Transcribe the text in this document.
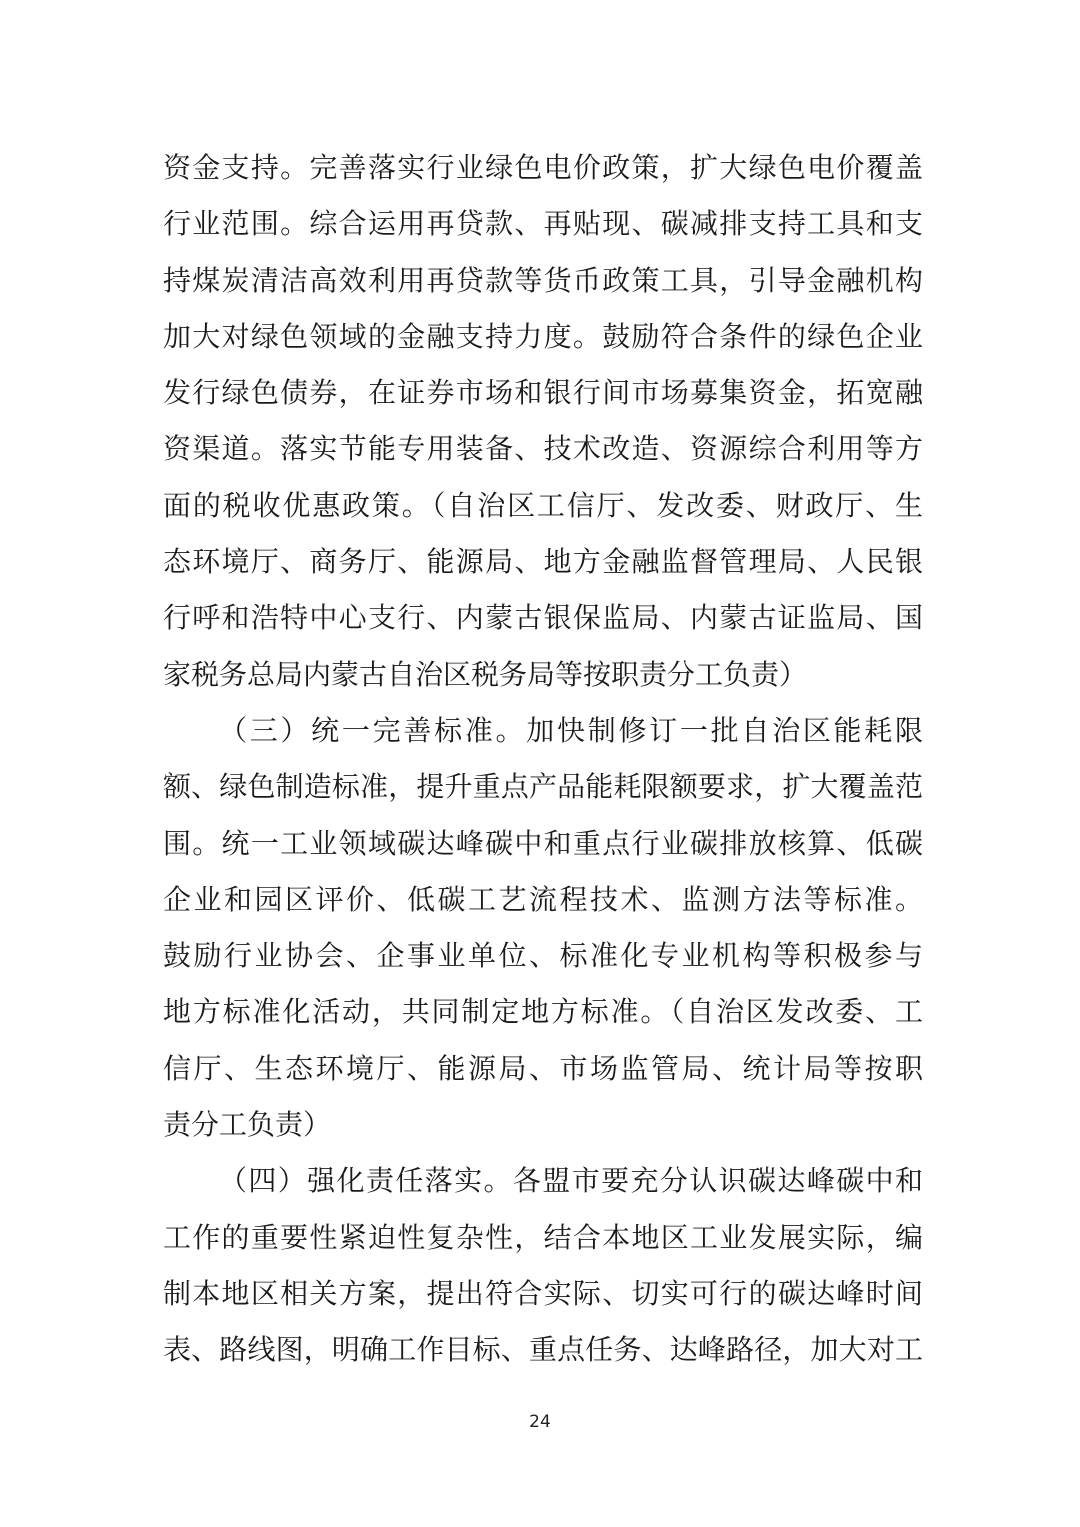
资金支持。完善落实行业绿色电价政策，扩大绿色电价覆盖
行业范围。综合运用再贷款、再贴现、碳减排支持工具和支
持煤炭清洁高效利用再贷款等货币政策工具，引导金融机构
加大对绿色领域的金融支持力度。鼓励符合条件的绿色企业
发行绿色债券，在证券市场和银行间市场募集资金，拓宽融
资渠道。落实节能专用装备、技术改造、资源综合利用等方
面的税收优惠政策。（自治区工信厅、发改委、财政厅、生
态环境厅、商务厅、能源局、地方金融监督管理局、人民银
行呼和浩特中心支行、内蒙古银保监局、内蒙古证监局、国
家税务总局内蒙古自治区税务局等按职责分工负责）
（三）统一完善标准。加快制修订一批自治区能耗限
额、绿色制造标准，提升重点产品能耗限额要求，扩大覆盖范
围。统一工业领域碳达峰碳中和重点行业碳排放核算、低碳
企业和园区评价、低碳工艺流程技术、监测方法等标准。
鼓励行业协会、企事业单位、标准化专业机构等积极参与
地方标准化活动，共同制定地方标准。（自治区发改委、工
信厅、生态环境厅、能源局、市场监管局、统计局等按职
责分工负责）
（四）强化责任落实。各盟市要充分认识碳达峰碳中和
工作的重要性紧迫性复杂性，结合本地区工业发展实际，编
制本地区相关方案，提出符合实际、切实可行的碳达峰时间
表、路线图，明确工作目标、重点任务、达峰路径，加大对工
24
